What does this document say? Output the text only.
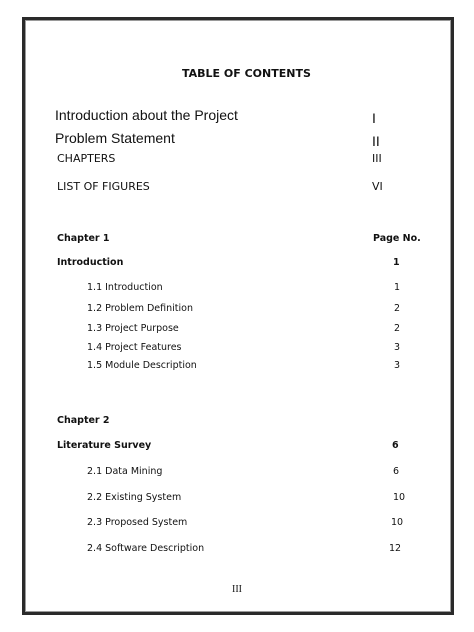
TABLE OF CONTENTS
Introduction about the Project	I
Problem Statement	II
CHAPTERS	III
LIST OF FIGURES	VI
Chapter 1	Page No.
Introduction	1
1.1 Introduction	1
1.2 Problem Definition	2
1.3 Project Purpose	2
1.4 Project Features	3
1.5 Module Description	3
Chapter 2
Literature Survey	6
2.1 Data Mining	6
2.2 Existing System	10
2.3 Proposed System	10
2.4 Software Description	12
III
